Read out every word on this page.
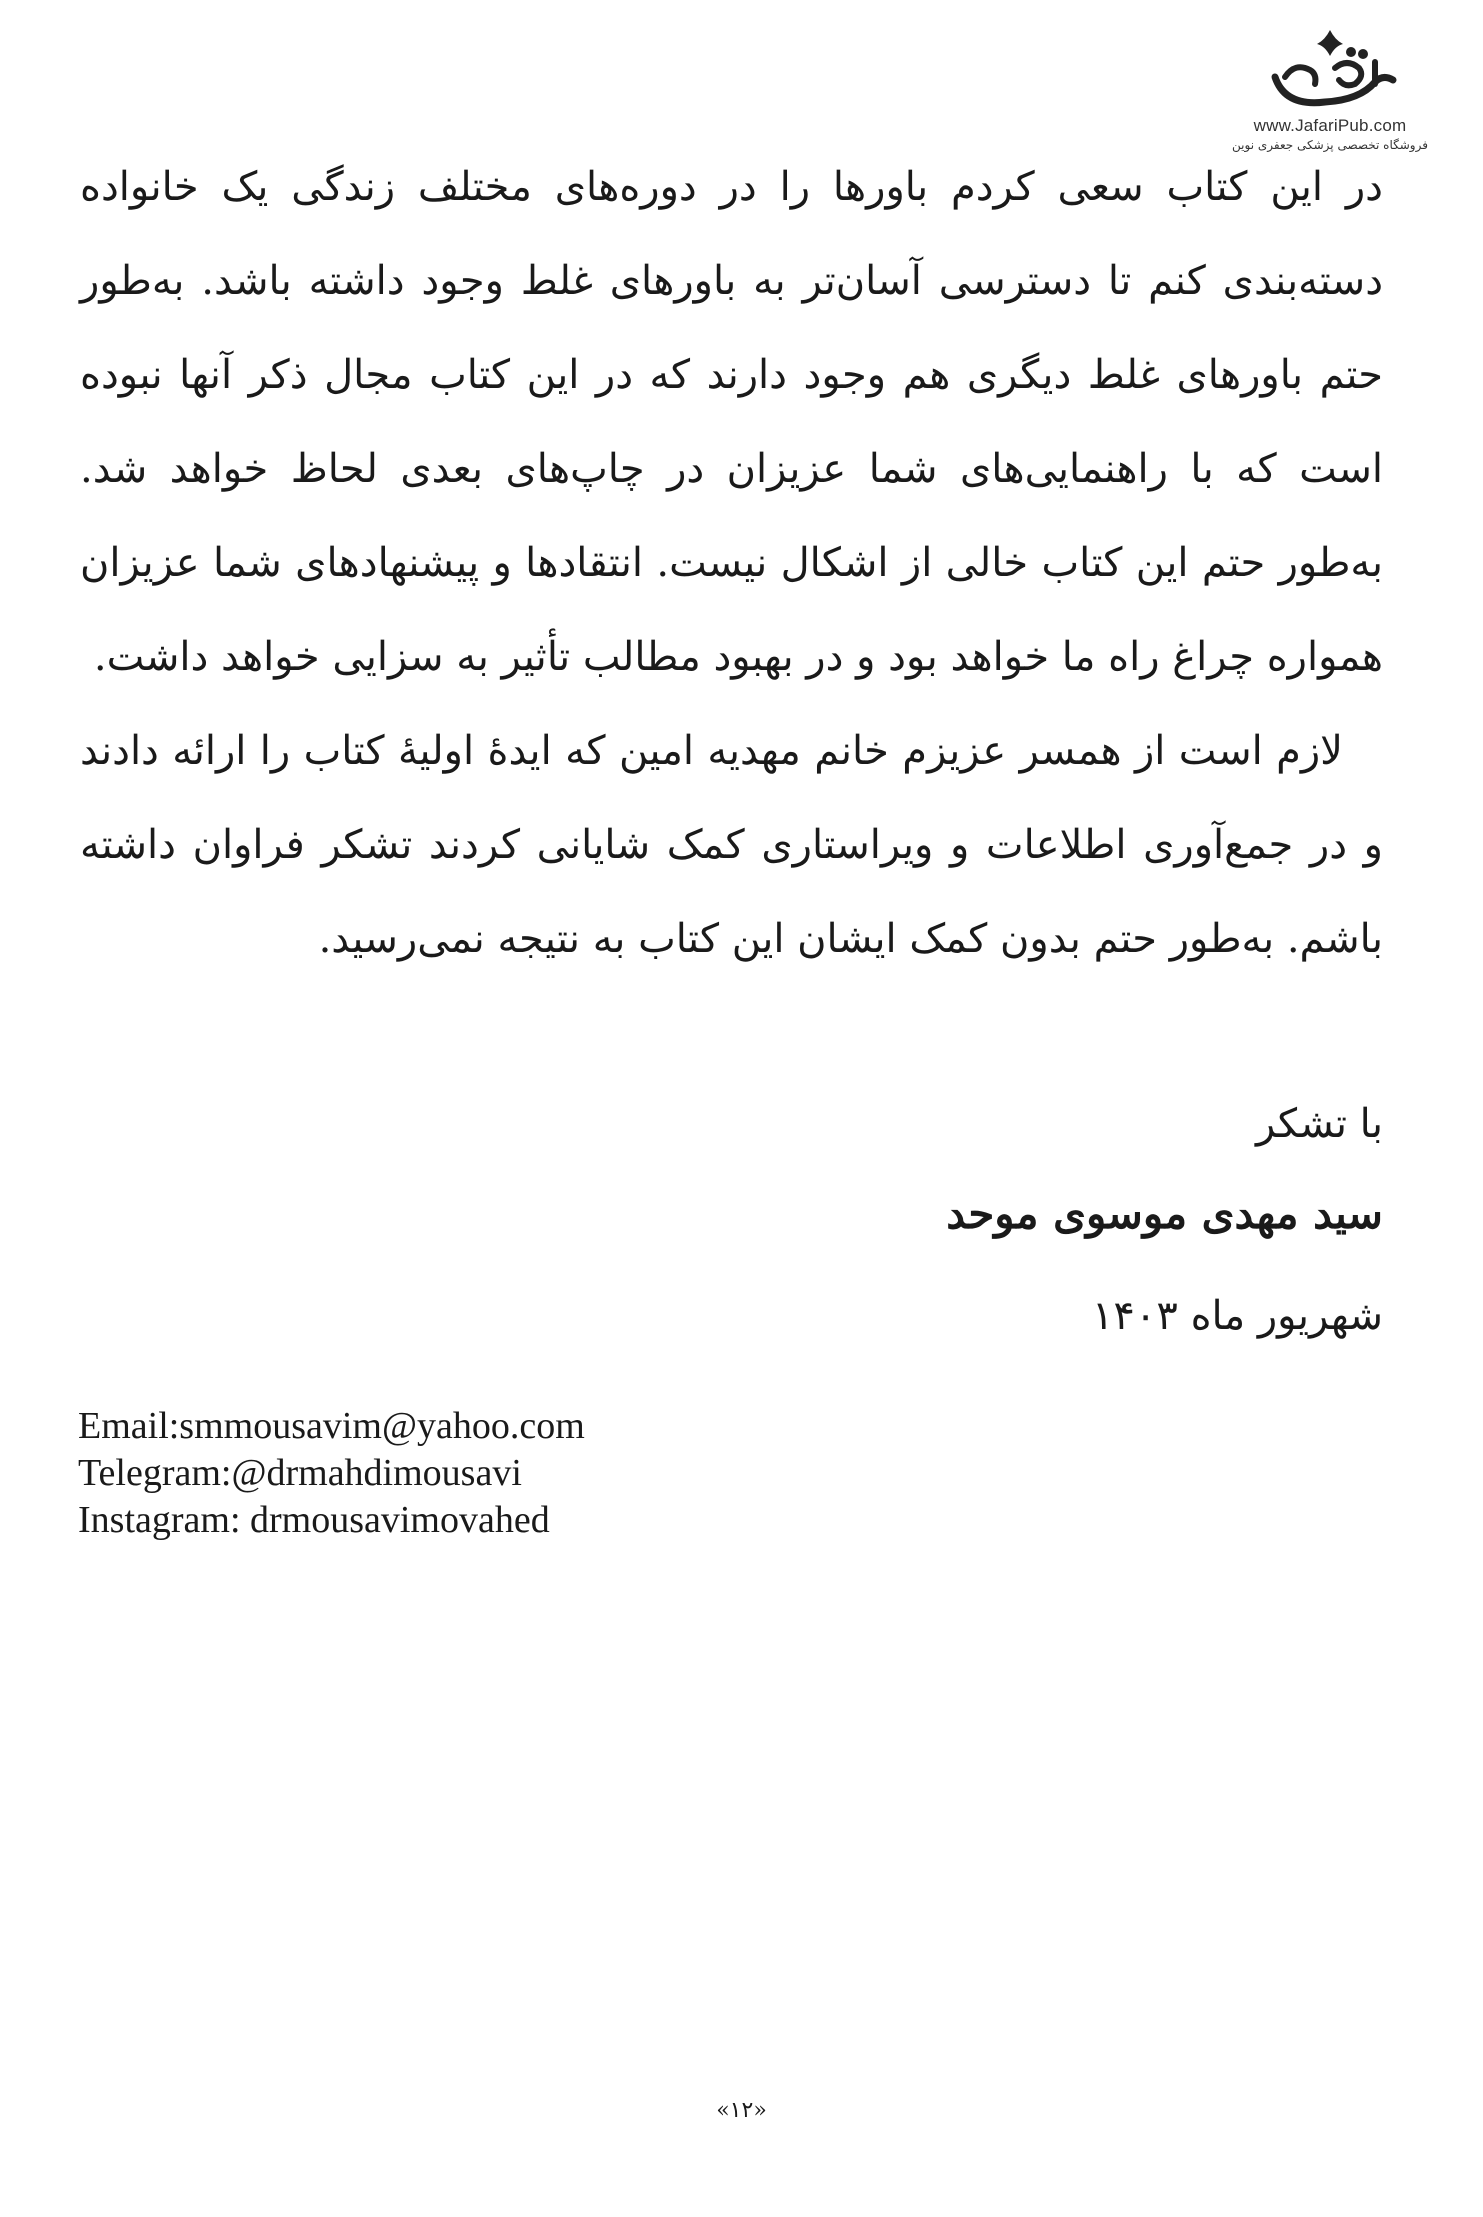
www.JafariPub.com
فروشگاه تخصصی پزشکی جعفری نوین

در این کتاب سعی کردم باورها را در دوره‌های مختلف زندگی یک خانواده دسته‌بندی کنم تا دسترسی آسان‌تر به باورهای غلط وجود داشته باشد. به‌طور حتم باورهای غلط دیگری هم وجود دارند که در این کتاب مجال ذکر آنها نبوده است که با راهنمایی‌های شما عزیزان در چاپ‌های بعدی لحاظ خواهد شد. به‌طور حتم این کتاب خالی از اشکال نیست. انتقادها و پیشنهادهای شما عزیزان همواره چراغ راه ما خواهد بود و در بهبود مطالب تأثیر به سزایی خواهد داشت.

لازم است از همسر عزیزم خانم مهدیه امین که ایدۀ اولیۀ کتاب را ارائه دادند و در جمع‌آوری اطلاعات و ویراستاری کمک شایانی کردند تشکر فراوان داشته باشم. به‌طور حتم بدون کمک ایشان این کتاب به نتیجه نمی‌رسید.

با تشکر
سید مهدی موسوی موحد
شهریور ماه ۱۴۰۳
Email:smmousavim@yahoo.com
Telegram:@drmahdimousavi
Instagram: drmousavimovahed
«۱۲»
